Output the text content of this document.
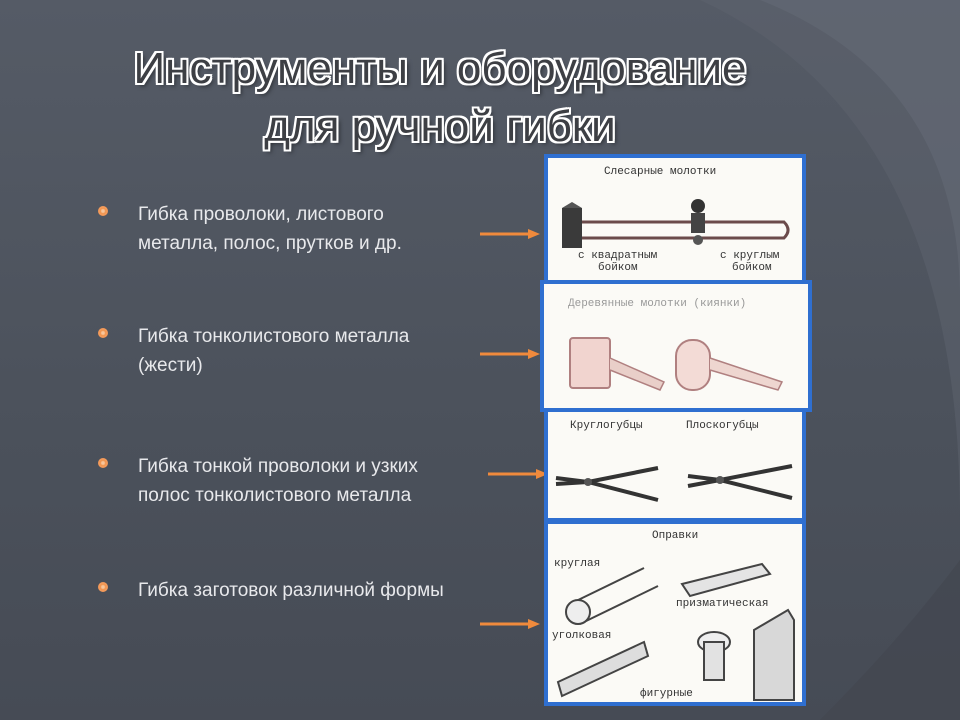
Инструменты и оборудование
для ручной гибки
Гибка проволоки, листового металла, полос, прутков и др.
Гибка тонколистового металла (жести)
Гибка тонкой проволоки и узких полос тонколистового металла
Гибка заготовок различной формы
Слесарные молотки
с квадратным
бойком
с круглым
бойком
Деревянные молотки (киянки)
Круглогубцы	Плоскогубцы
Оправки
круглая
призматическая
уголковая
фигурные
